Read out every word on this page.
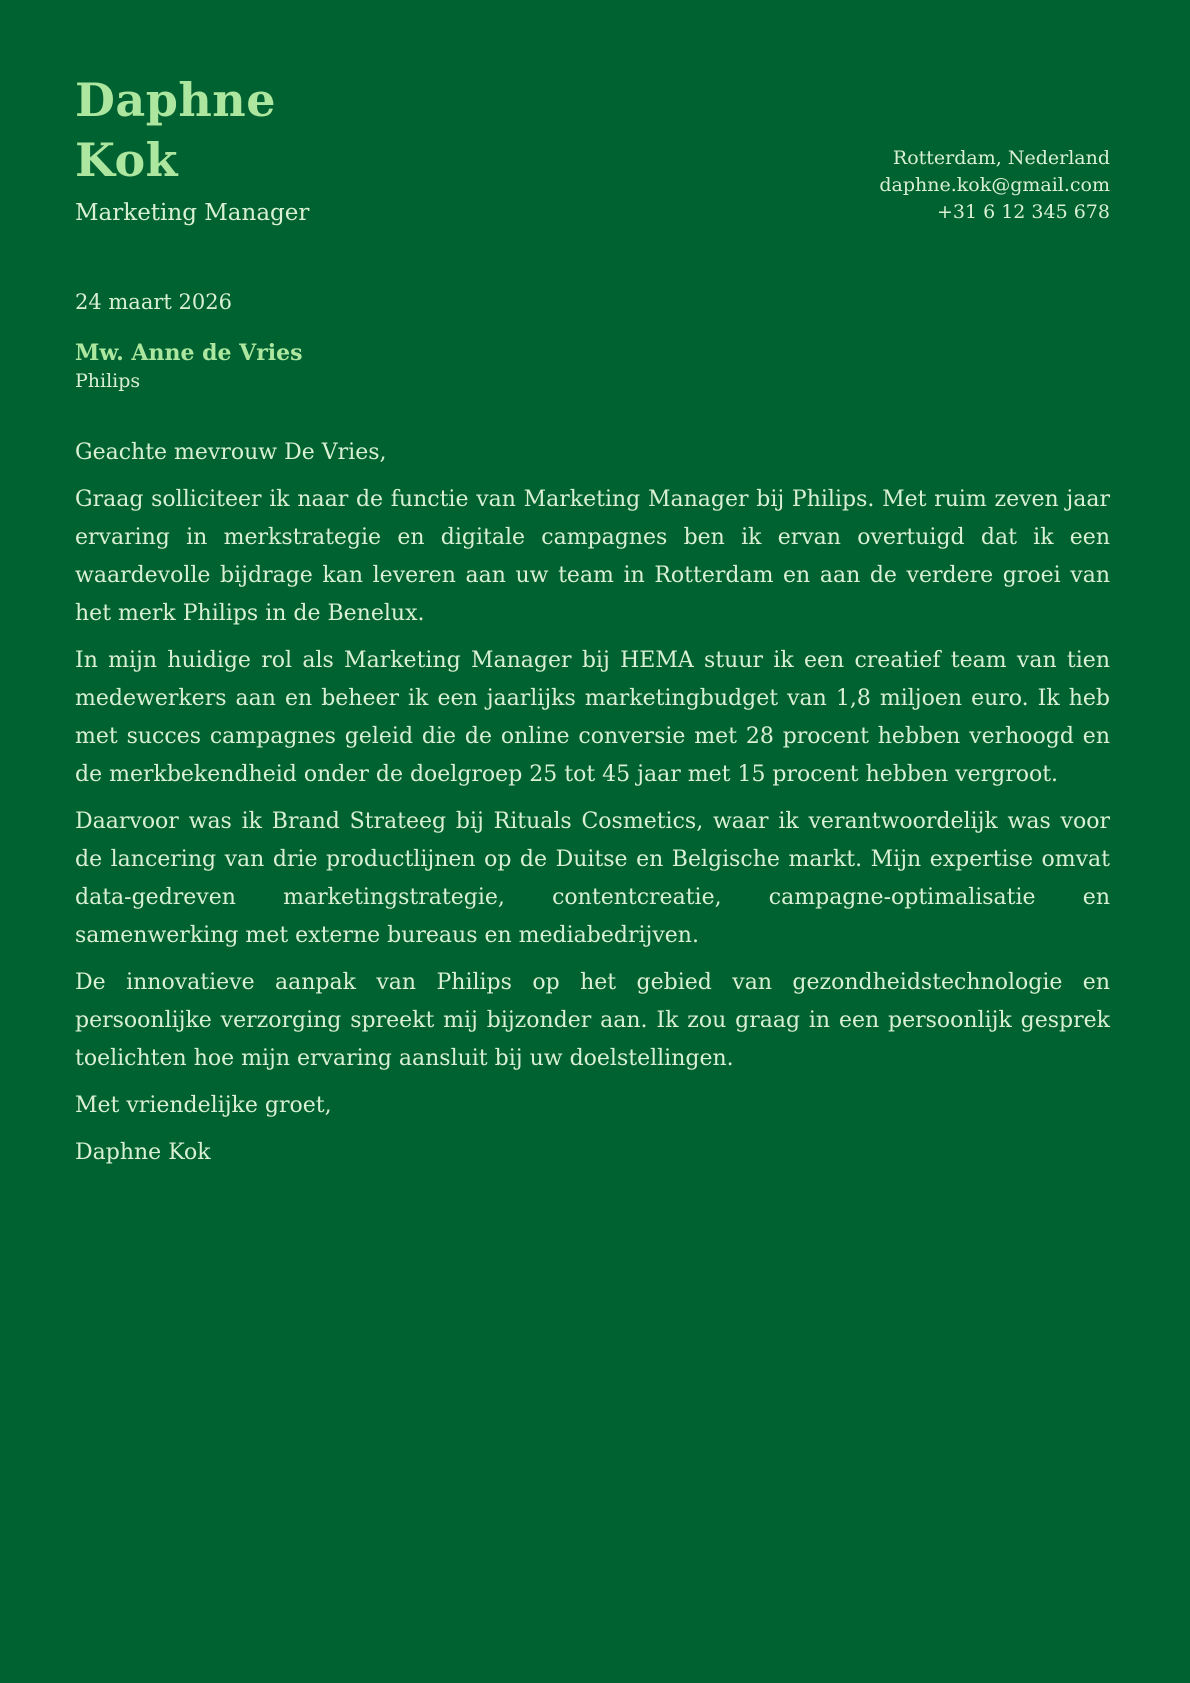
Daphne
Kok
Marketing Manager
Rotterdam, Nederland
daphne.kok@gmail.com
+31 6 12 345 678
24 maart 2026
Mw. Anne de Vries
Philips

Geachte mevrouw De Vries,

Graag solliciteer ik naar de functie van Marketing Manager bij Philips. Met ruim zeven jaar ervaring in merkstrategie en digitale campagnes ben ik ervan overtuigd dat ik een waardevolle bijdrage kan leveren aan uw team in Rotterdam en aan de verdere groei van het merk Philips in de Benelux.

In mijn huidige rol als Marketing Manager bij HEMA stuur ik een creatief team van tien medewerkers aan en beheer ik een jaarlijks marketingbudget van 1,8 miljoen euro. Ik heb met succes campagnes geleid die de online conversie met 28 procent hebben verhoogd en de merkbekendheid onder de doelgroep 25 tot 45 jaar met 15 procent hebben vergroot.

Daarvoor was ik Brand Strateeg bij Rituals Cosmetics, waar ik verantwoordelijk was voor de lancering van drie productlijnen op de Duitse en Belgische markt. Mijn expertise omvat data-gedreven marketingstrategie, contentcreatie, campagne-optimalisatie en samenwerking met externe bureaus en mediabedrijven.

De innovatieve aanpak van Philips op het gebied van gezondheidstechnologie en persoonlijke verzorging spreekt mij bijzonder aan. Ik zou graag in een persoonlijk gesprek toelichten hoe mijn ervaring aansluit bij uw doelstellingen.

Met vriendelijke groet,
Daphne Kok
